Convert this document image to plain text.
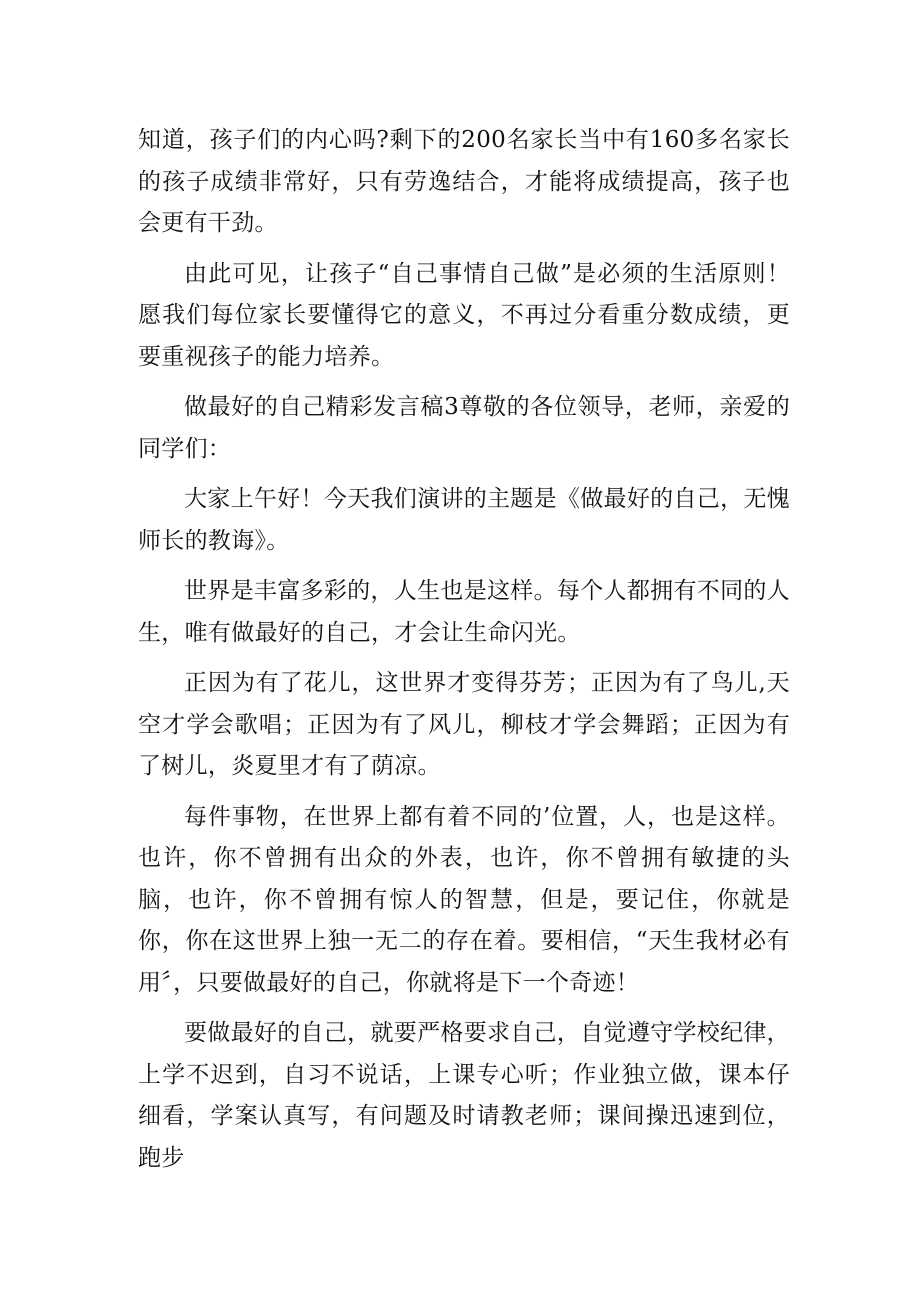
知道，孩子们的内心吗?剩下的200名家长当中有160多名家长的孩子成绩非常好，只有劳逸结合，才能将成绩提高，孩子也会更有干劲。

由此可见，让孩子“自己事情自己做”是必须的生活原则！愿我们每位家长要懂得它的意义，不再过分看重分数成绩，更要重视孩子的能力培养。

做最好的自己精彩发言稿3尊敬的各位领导，老师，亲爱的同学们：

大家上午好！今天我们演讲的主题是《做最好的自己，无愧师长的教诲》。

世界是丰富多彩的，人生也是这样。每个人都拥有不同的人生，唯有做最好的自己，才会让生命闪光。

正因为有了花儿，这世界才变得芬芳；正因为有了鸟儿,天空才学会歌唱；正因为有了风儿，柳枝才学会舞蹈；正因为有了树儿，炎夏里才有了荫凉。

每件事物，在世界上都有着不同的’位置，人，也是这样。也许，你不曾拥有出众的外表，也许，你不曾拥有敏捷的头脑，也许，你不曾拥有惊人的智慧，但是，要记住，你就是你，你在这世界上独一无二的存在着。要相信，“天生我材必有用〞，只要做最好的自己，你就将是下一个奇迹！

要做最好的自己，就要严格要求自己，自觉遵守学校纪律，上学不迟到，自习不说话，上课专心听；作业独立做，课本仔细看，学案认真写，有问题及时请教老师；课间操迅速到位，跑步
